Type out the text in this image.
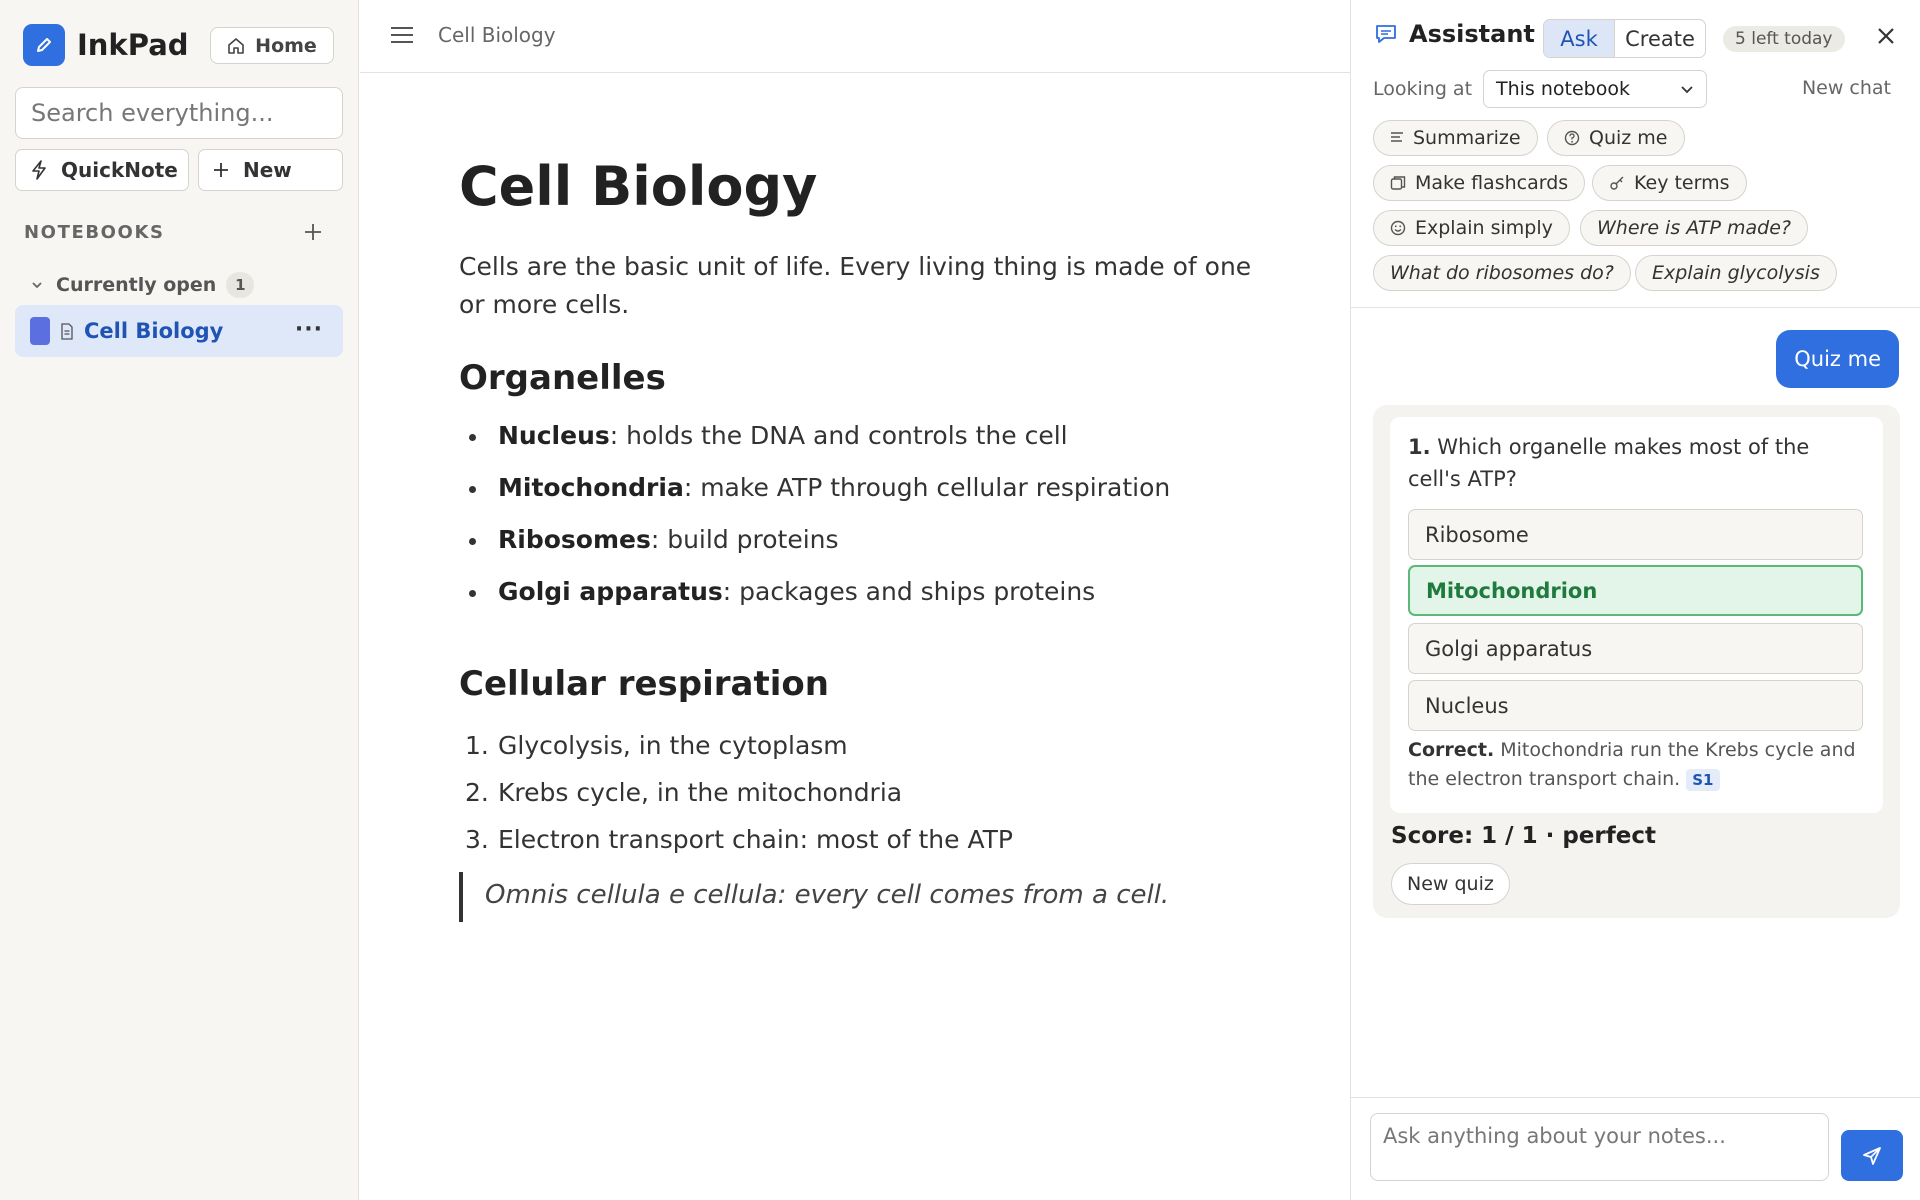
InkPad	Home
Search everything...
QuickNote	New
NOTEBOOKS
Currently open	1
Cell Biology	···
Cell Biology
Cell Biology

Cells are the basic unit of life. Every living thing is made of one or more cells.

Organelles
Nucleus: holds the DNA and controls the cell
Mitochondria: make ATP through cellular respiration
Ribosomes: build proteins
Golgi apparatus: packages and ships proteins
Cellular respiration
1. Glycolysis, in the cytoplasm
2. Krebs cycle, in the mitochondria
3. Electron transport chain: most of the ATP
Omnis cellula e cellula: every cell comes from a cell.
Assistant	Ask	Create	5 left today
Looking at This notebook	New chat
Summarize	Quiz me
Make flashcards	Key terms
Explain simply	Where is ATP made?
What do ribosomes do?	Explain glycolysis
Quiz me
1. Which organelle makes most of the cell's ATP?
Ribosome
Mitochondrion
Golgi apparatus
Nucleus
Correct. Mitochondria run the Krebs cycle and the electron transport chain. S1
Score: 1 / 1 · perfect
New quiz
Ask anything about your notes...
